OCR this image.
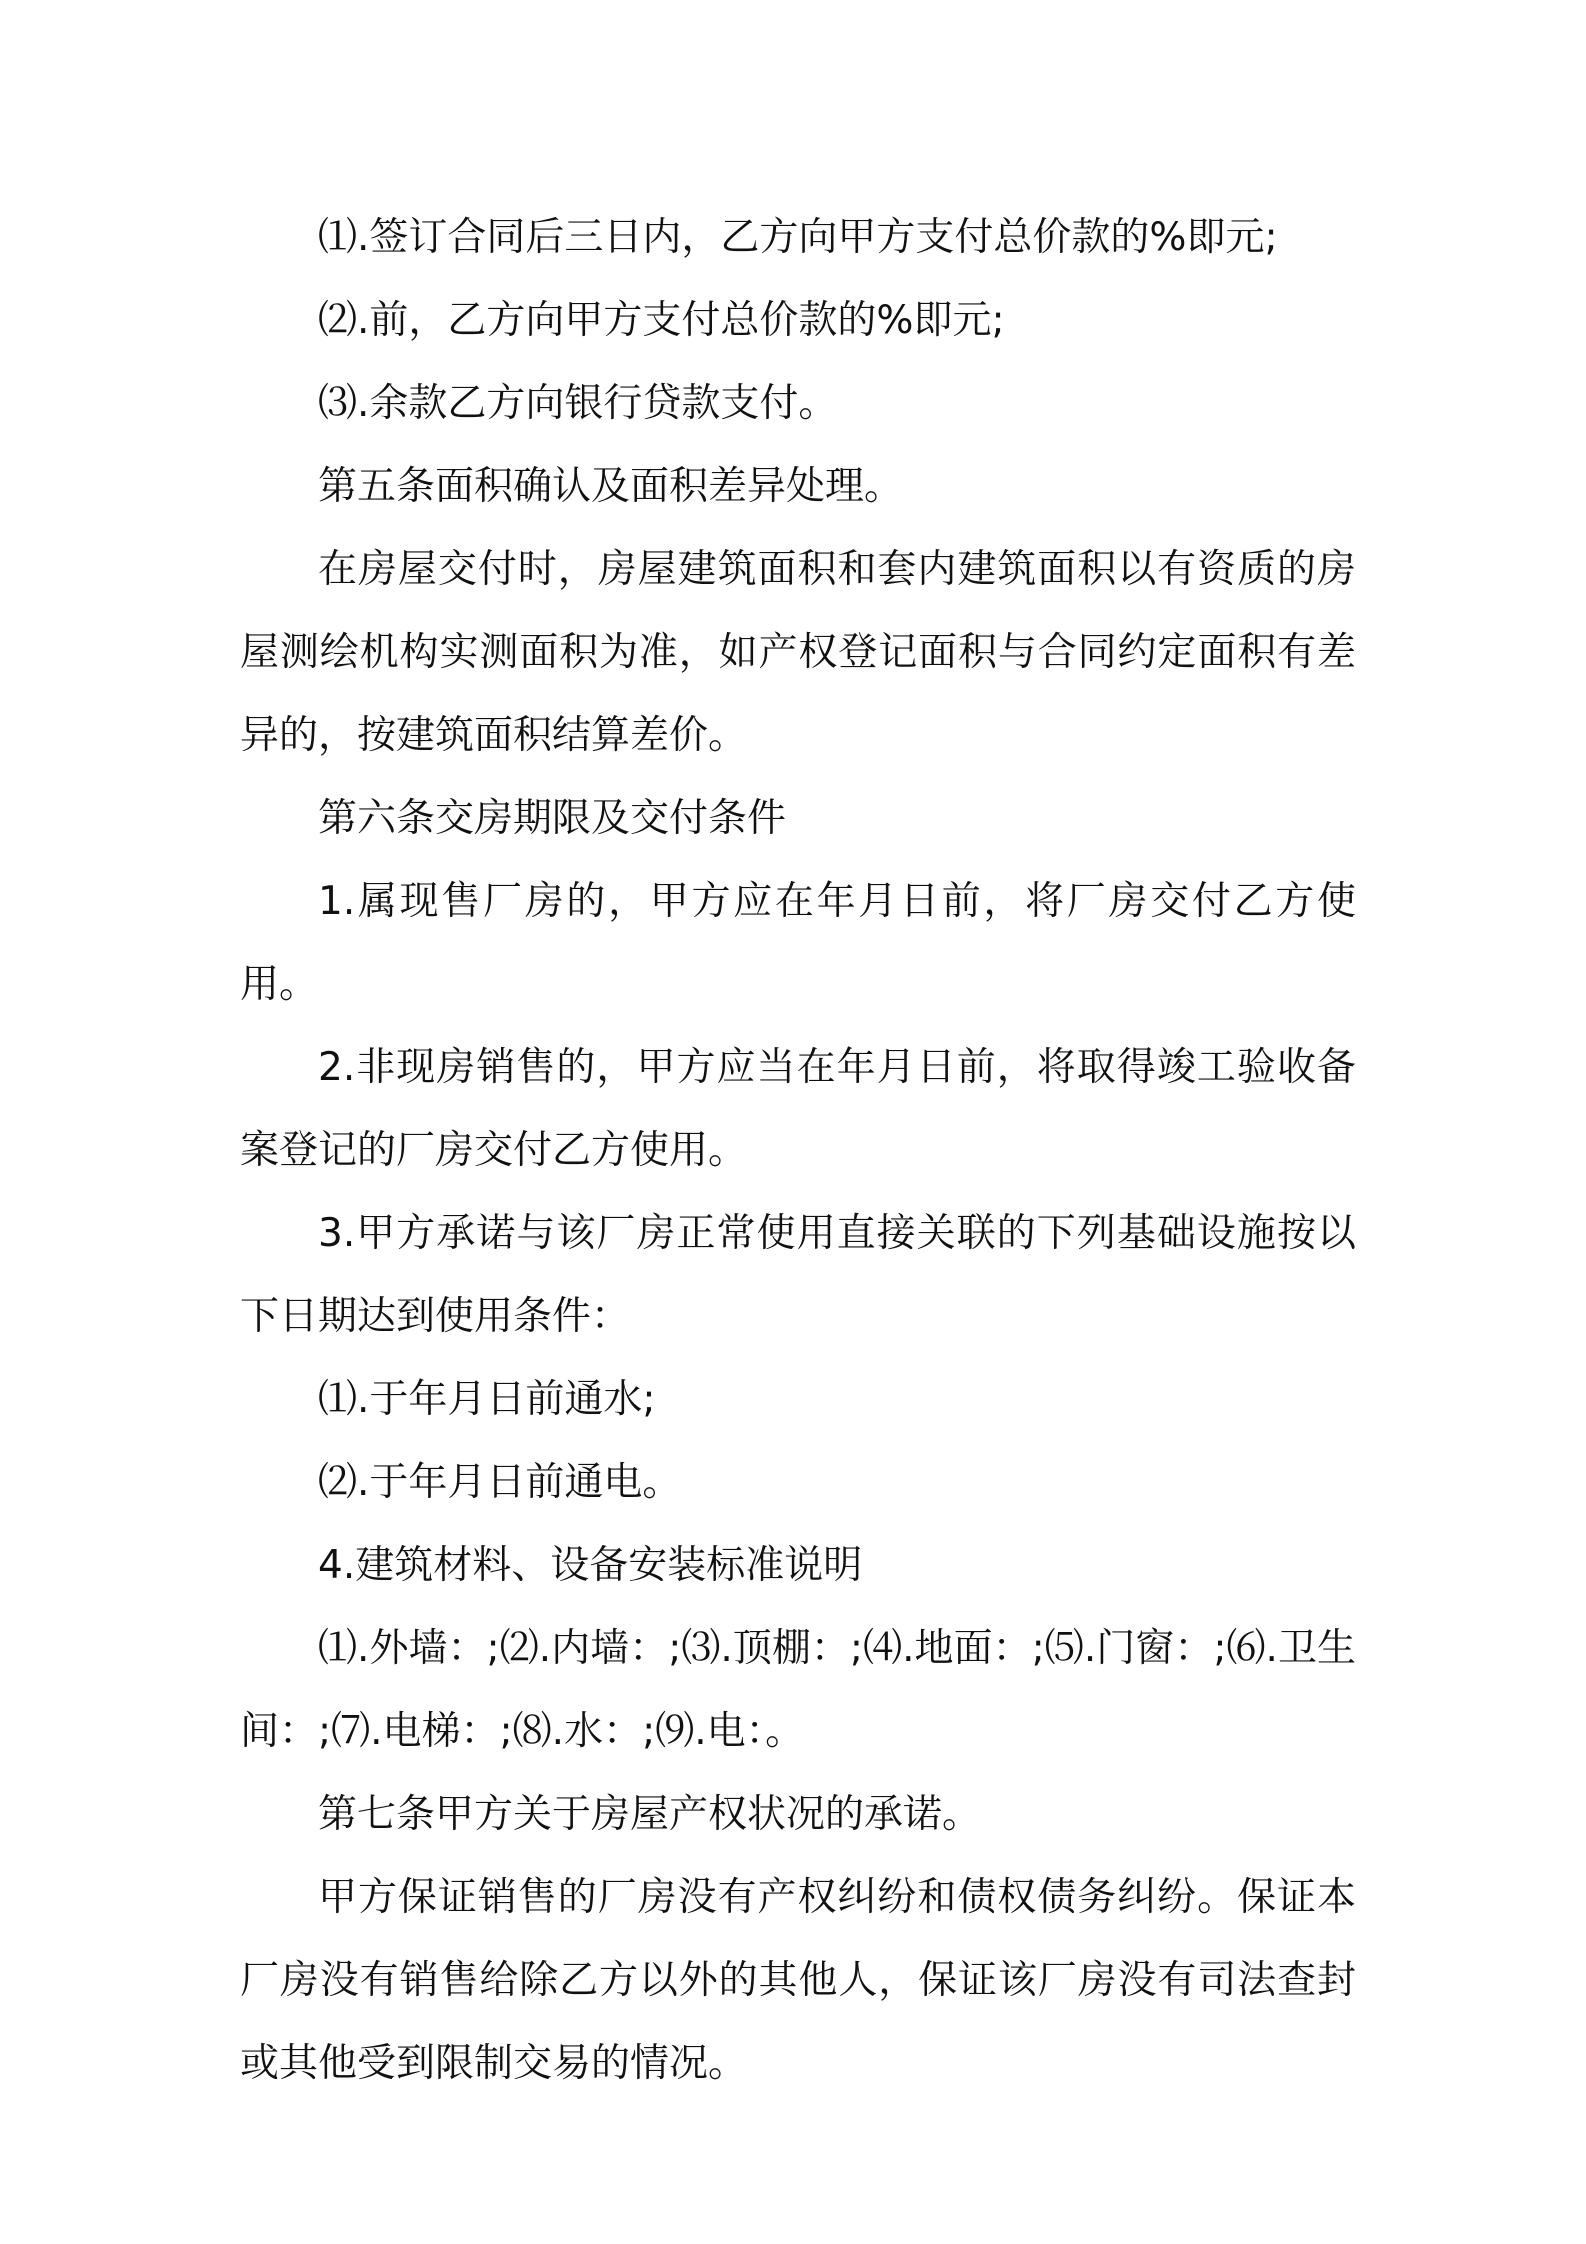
⑴.签订合同后三日内，乙方向甲方支付总价款的%即元;

⑵.前，乙方向甲方支付总价款的%即元;

⑶.余款乙方向银行贷款支付。

第五条面积确认及面积差异处理。

在房屋交付时，房屋建筑面积和套内建筑面积以有资质的房屋测绘机构实测面积为准，如产权登记面积与合同约定面积有差异的，按建筑面积结算差价。

第六条交房期限及交付条件

1.属现售厂房的，甲方应在年月日前，将厂房交付乙方使用。

2.非现房销售的，甲方应当在年月日前，将取得竣工验收备案登记的厂房交付乙方使用。

3.甲方承诺与该厂房正常使用直接关联的下列基础设施按以下日期达到使用条件：

⑴.于年月日前通水;

⑵.于年月日前通电。

4.建筑材料、设备安装标准说明

⑴.外墙：;⑵.内墙：;⑶.顶棚：;⑷.地面：;⑸.门窗：;⑹.卫生间：;⑺.电梯：;⑻.水：;⑼.电：。

第七条甲方关于房屋产权状况的承诺。

甲方保证销售的厂房没有产权纠纷和债权债务纠纷。保证本厂房没有销售给除乙方以外的其他人，保证该厂房没有司法查封或其他受到限制交易的情况。
